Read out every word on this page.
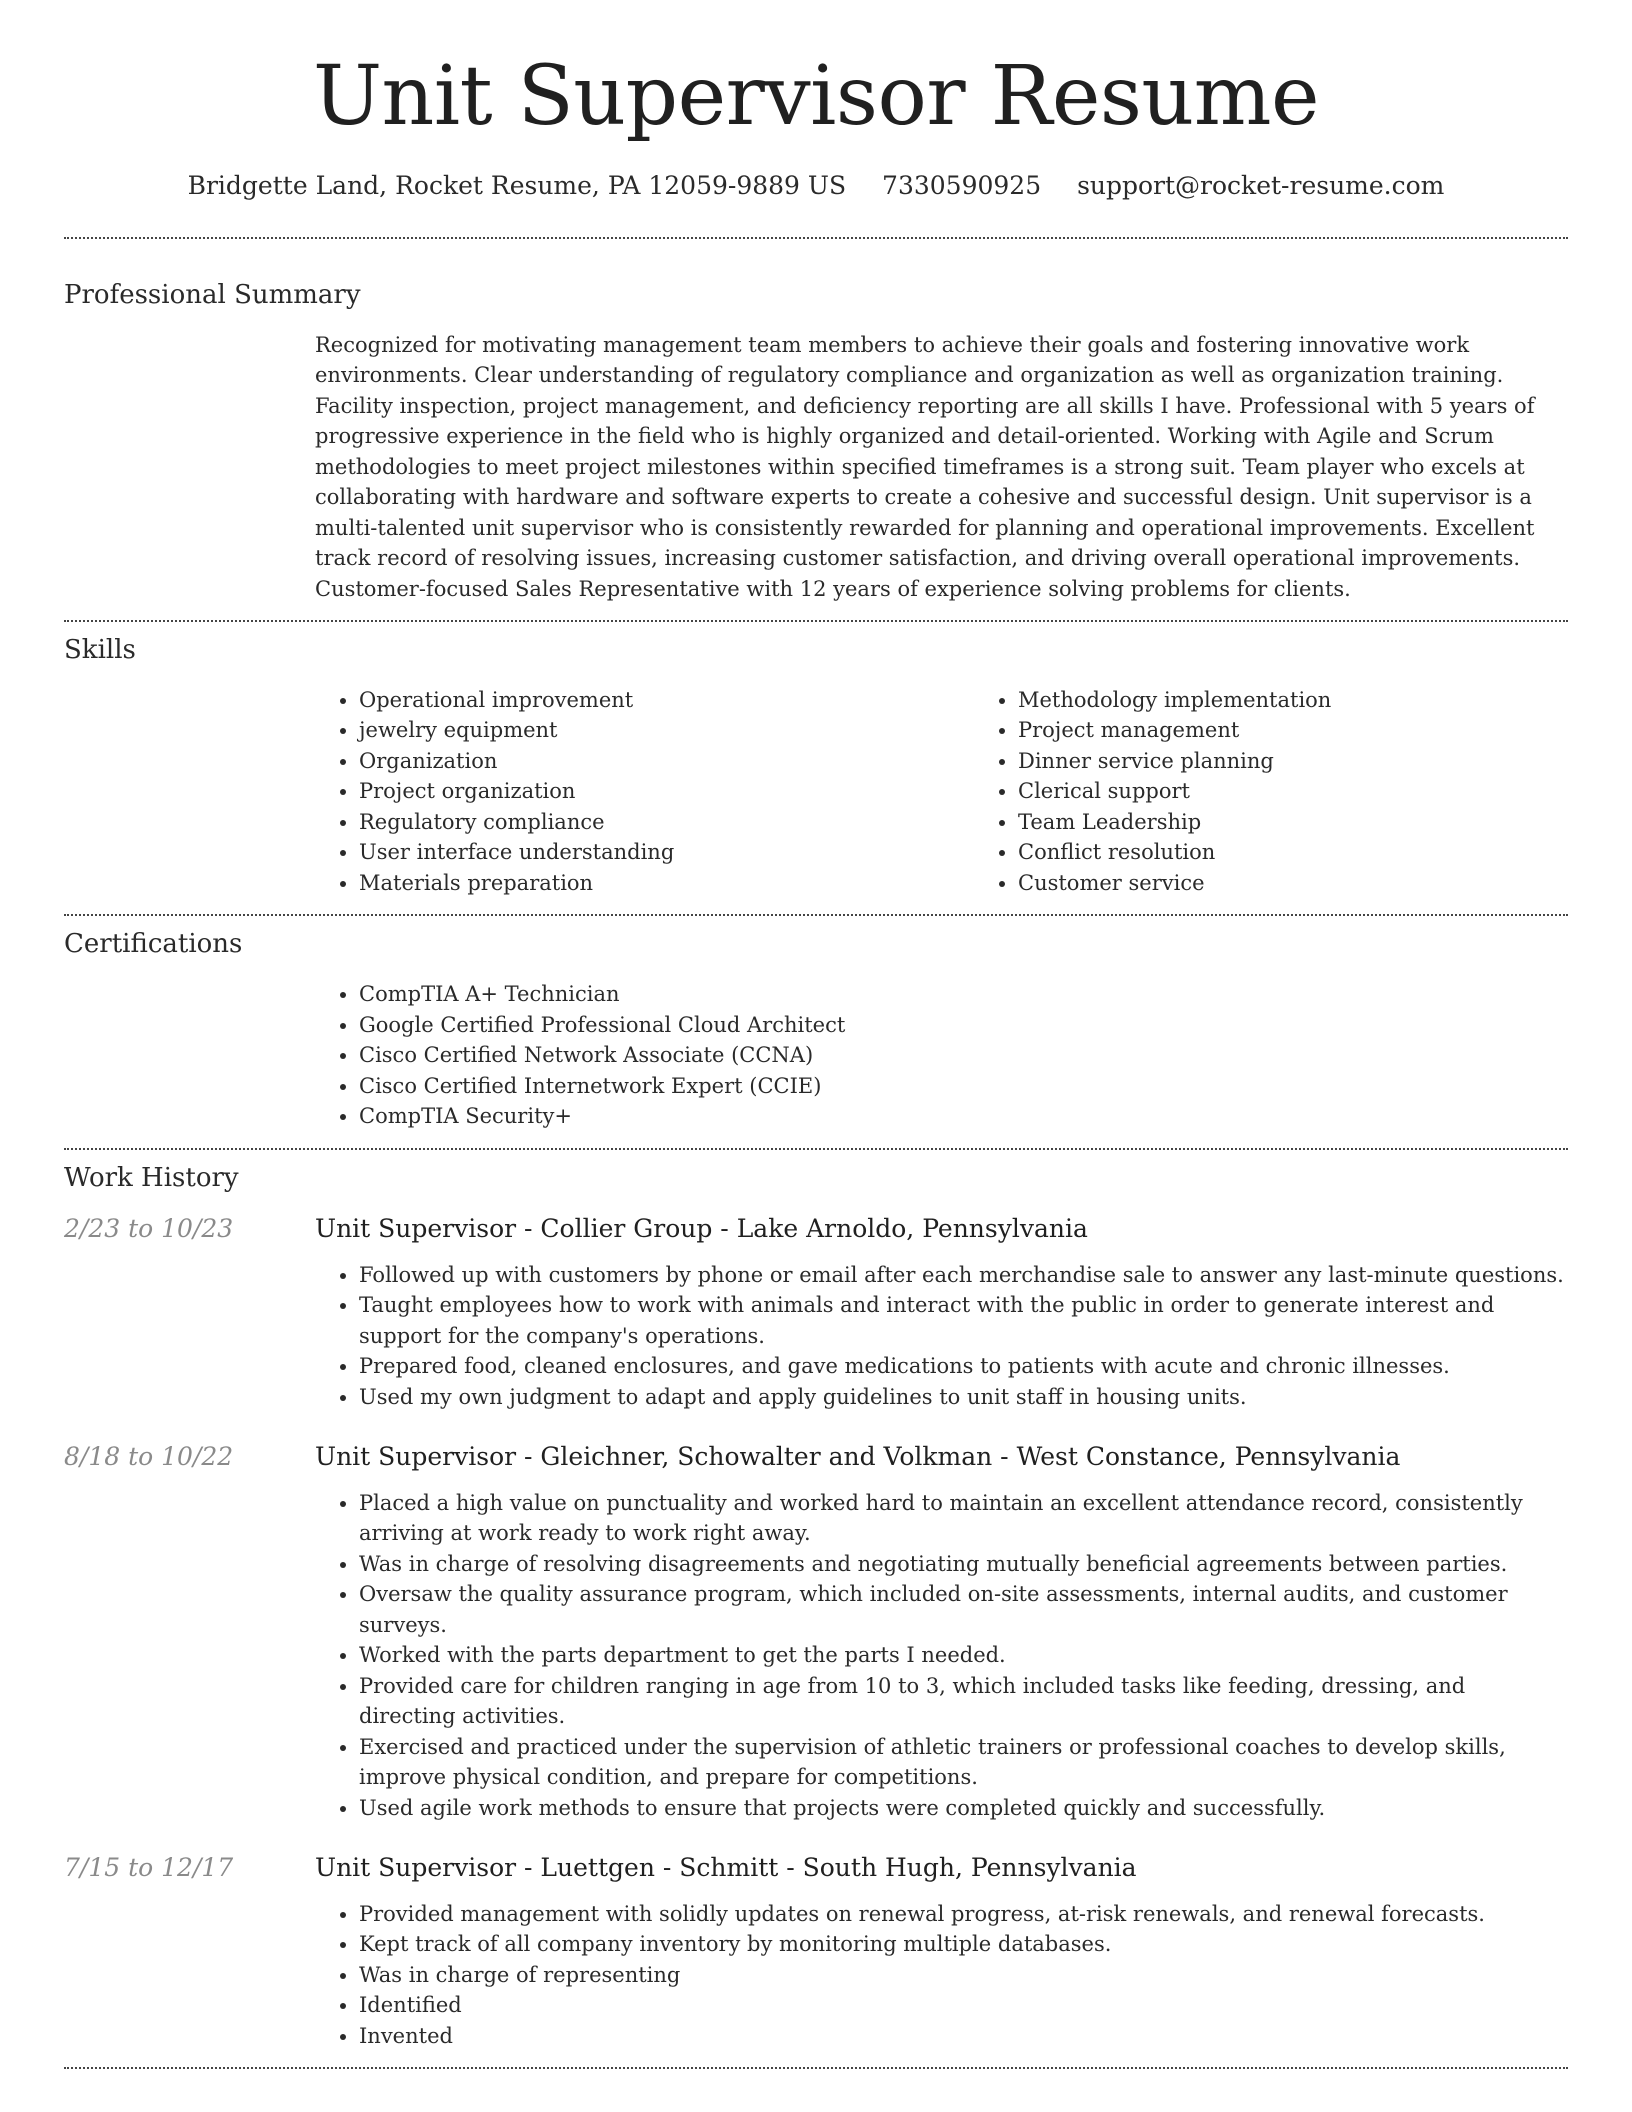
Unit Supervisor Resume
Bridgette Land, Rocket Resume, PA 12059-9889 US 7330590925 support@rocket-resume.com
Professional Summary
Recognized for motivating management team members to achieve their goals and fostering innovative work environments. Clear understanding of regulatory compliance and organization as well as organization training. Facility inspection, project management, and deficiency reporting are all skills I have. Professional with 5 years of progressive experience in the field who is highly organized and detail-oriented. Working with Agile and Scrum methodologies to meet project milestones within specified timeframes is a strong suit. Team player who excels at collaborating with hardware and software experts to create a cohesive and successful design. Unit supervisor is a multi-talented unit supervisor who is consistently rewarded for planning and operational improvements. Excellent track record of resolving issues, increasing customer satisfaction, and driving overall operational improvements. Customer-focused Sales Representative with 12 years of experience solving problems for clients.
Skills
• Operational improvement
• jewelry equipment
• Organization
• Project organization
• Regulatory compliance
• User interface understanding
• Materials preparation
• Methodology implementation
• Project management
• Dinner service planning
• Clerical support
• Team Leadership
• Conflict resolution
• Customer service
Certifications
• CompTIA A+ Technician
• Google Certified Professional Cloud Architect
• Cisco Certified Network Associate (CCNA)
• Cisco Certified Internetwork Expert (CCIE)
• CompTIA Security+
Work History
2/23 to 10/23	Unit Supervisor - Collier Group - Lake Arnoldo, Pennsylvania
• Followed up with customers by phone or email after each merchandise sale to answer any last-minute questions.
• Taught employees how to work with animals and interact with the public in order to generate interest and support for the company's operations.
• Prepared food, cleaned enclosures, and gave medications to patients with acute and chronic illnesses.
• Used my own judgment to adapt and apply guidelines to unit staff in housing units.
8/18 to 10/22	Unit Supervisor - Gleichner, Schowalter and Volkman - West Constance, Pennsylvania
• Placed a high value on punctuality and worked hard to maintain an excellent attendance record, consistently arriving at work ready to work right away.
• Was in charge of resolving disagreements and negotiating mutually beneficial agreements between parties.
• Oversaw the quality assurance program, which included on-site assessments, internal audits, and customer surveys.
• Worked with the parts department to get the parts I needed.
• Provided care for children ranging in age from 10 to 3, which included tasks like feeding, dressing, and directing activities.
• Exercised and practiced under the supervision of athletic trainers or professional coaches to develop skills, improve physical condition, and prepare for competitions.
• Used agile work methods to ensure that projects were completed quickly and successfully.
7/15 to 12/17	Unit Supervisor - Luettgen - Schmitt - South Hugh, Pennsylvania
• Provided management with solidly updates on renewal progress, at-risk renewals, and renewal forecasts.
• Kept track of all company inventory by monitoring multiple databases.
• Was in charge of representing
• Identified
• Invented
